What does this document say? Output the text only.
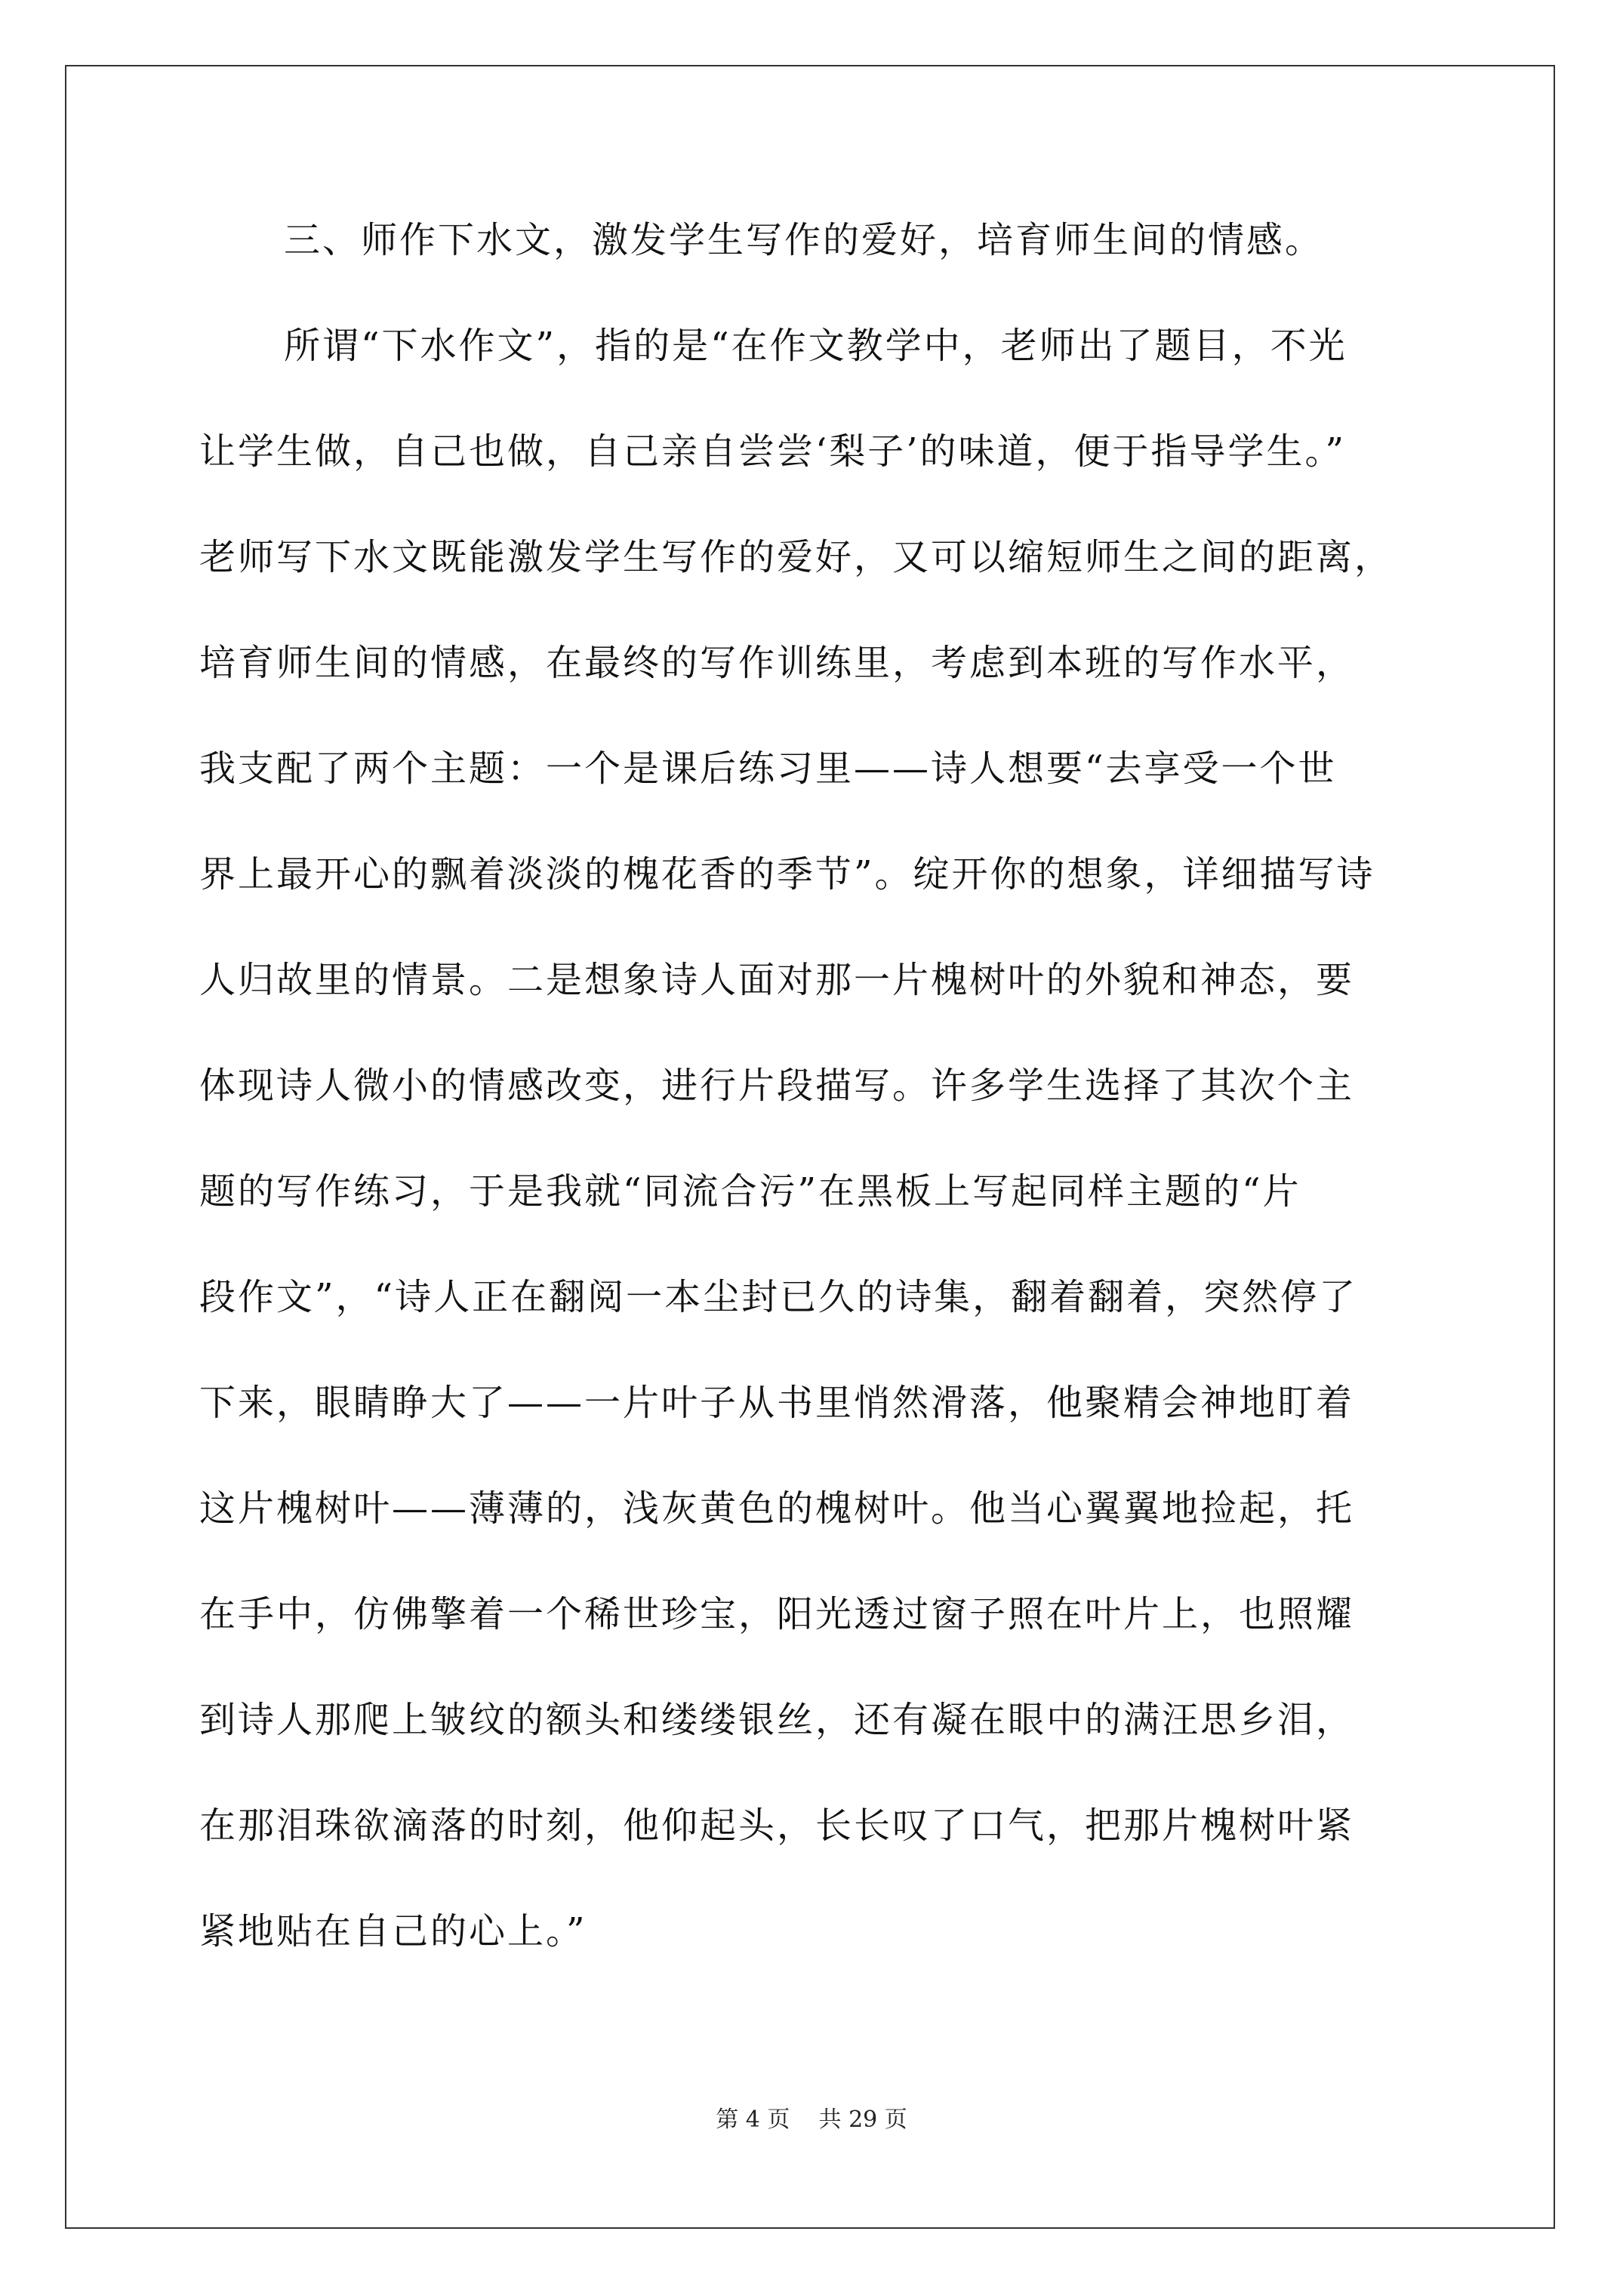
三、师作下水文，激发学生写作的爱好，培育师生间的情感。
所谓“下水作文”，指的是“在作文教学中，老师出了题目，不光
让学生做，自己也做，自己亲自尝尝‘梨子’的味道，便于指导学生。”
老师写下水文既能激发学生写作的爱好，又可以缩短师生之间的距离，
培育师生间的情感，在最终的写作训练里，考虑到本班的写作水平，
我支配了两个主题：一个是课后练习里——诗人想要“去享受一个世
界上最开心的飘着淡淡的槐花香的季节”。绽开你的想象，详细描写诗
人归故里的情景。二是想象诗人面对那一片槐树叶的外貌和神态，要
体现诗人微小的情感改变，进行片段描写。许多学生选择了其次个主
题的写作练习，于是我就“同流合污”在黑板上写起同样主题的“片
段作文”，“诗人正在翻阅一本尘封已久的诗集，翻着翻着，突然停了
下来，眼睛睁大了——一片叶子从书里悄然滑落，他聚精会神地盯着
这片槐树叶——薄薄的，浅灰黄色的槐树叶。他当心翼翼地捡起，托
在手中，仿佛擎着一个稀世珍宝，阳光透过窗子照在叶片上，也照耀
到诗人那爬上皱纹的额头和缕缕银丝，还有凝在眼中的满汪思乡泪，
在那泪珠欲滴落的时刻，他仰起头，长长叹了口气，把那片槐树叶紧
紧地贴在自己的心上。”
第 4 页 共 29 页
